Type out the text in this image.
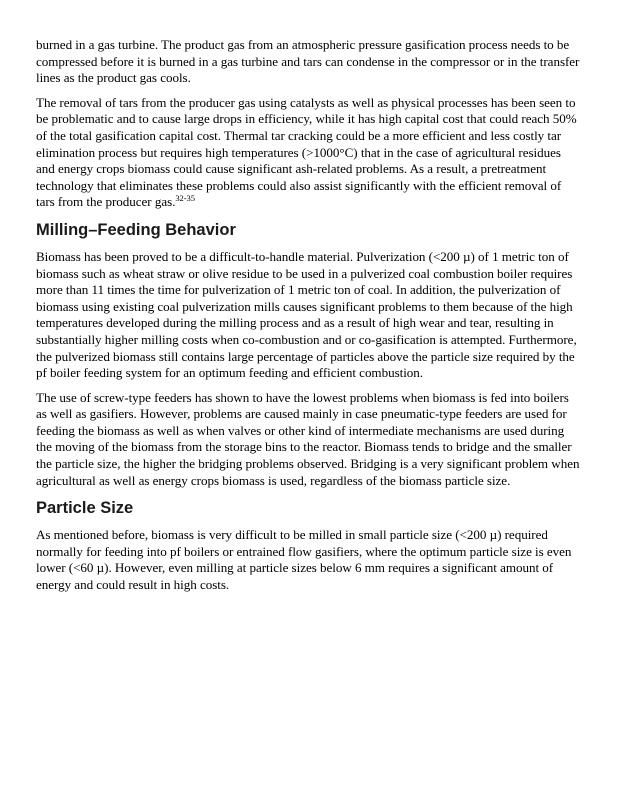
burned in a gas turbine. The product gas from an atmospheric pressure gasification process needs to be compressed before it is burned in a gas turbine and tars can condense in the compressor or in the transfer lines as the product gas cools.

The removal of tars from the producer gas using catalysts as well as physical processes has been seen to be problematic and to cause large drops in efficiency, while it has high capital cost that could reach 50% of the total gasification capital cost. Thermal tar cracking could be a more efficient and less costly tar elimination process but requires high temperatures (>1000°C) that in the case of agricultural residues and energy crops biomass could cause significant ash-related problems. As a result, a pretreatment technology that eliminates these problems could also assist significantly with the efficient removal of tars from the producer gas.$^{32-35}$

Milling–Feeding Behavior

Biomass has been proved to be a difficult-to-handle material. Pulverization (<200 µ) of 1 metric ton of biomass such as wheat straw or olive residue to be used in a pulverized coal combustion boiler requires more than 11 times the time for pulverization of 1 metric ton of coal. In addition, the pulverization of biomass using existing coal pulverization mills causes significant problems to them because of the high temperatures developed during the milling process and as a result of high wear and tear, resulting in substantially higher milling costs when co-combustion and or co-gasification is attempted. Furthermore, the pulverized biomass still contains large percentage of particles above the particle size required by the pf boiler feeding system for an optimum feeding and efficient combustion.

The use of screw-type feeders has shown to have the lowest problems when biomass is fed into boilers as well as gasifiers. However, problems are caused mainly in case pneumatic-type feeders are used for feeding the biomass as well as when valves or other kind of intermediate mechanisms are used during the moving of the biomass from the storage bins to the reactor. Biomass tends to bridge and the smaller the particle size, the higher the bridging problems observed. Bridging is a very significant problem when agricultural as well as energy crops biomass is used, regardless of the biomass particle size.

Particle Size

As mentioned before, biomass is very difficult to be milled in small particle size (<200 µ) required normally for feeding into pf boilers or entrained flow gasifiers, where the optimum particle size is even lower (<60 µ). However, even milling at particle sizes below 6 mm requires a significant amount of energy and could result in high costs.
